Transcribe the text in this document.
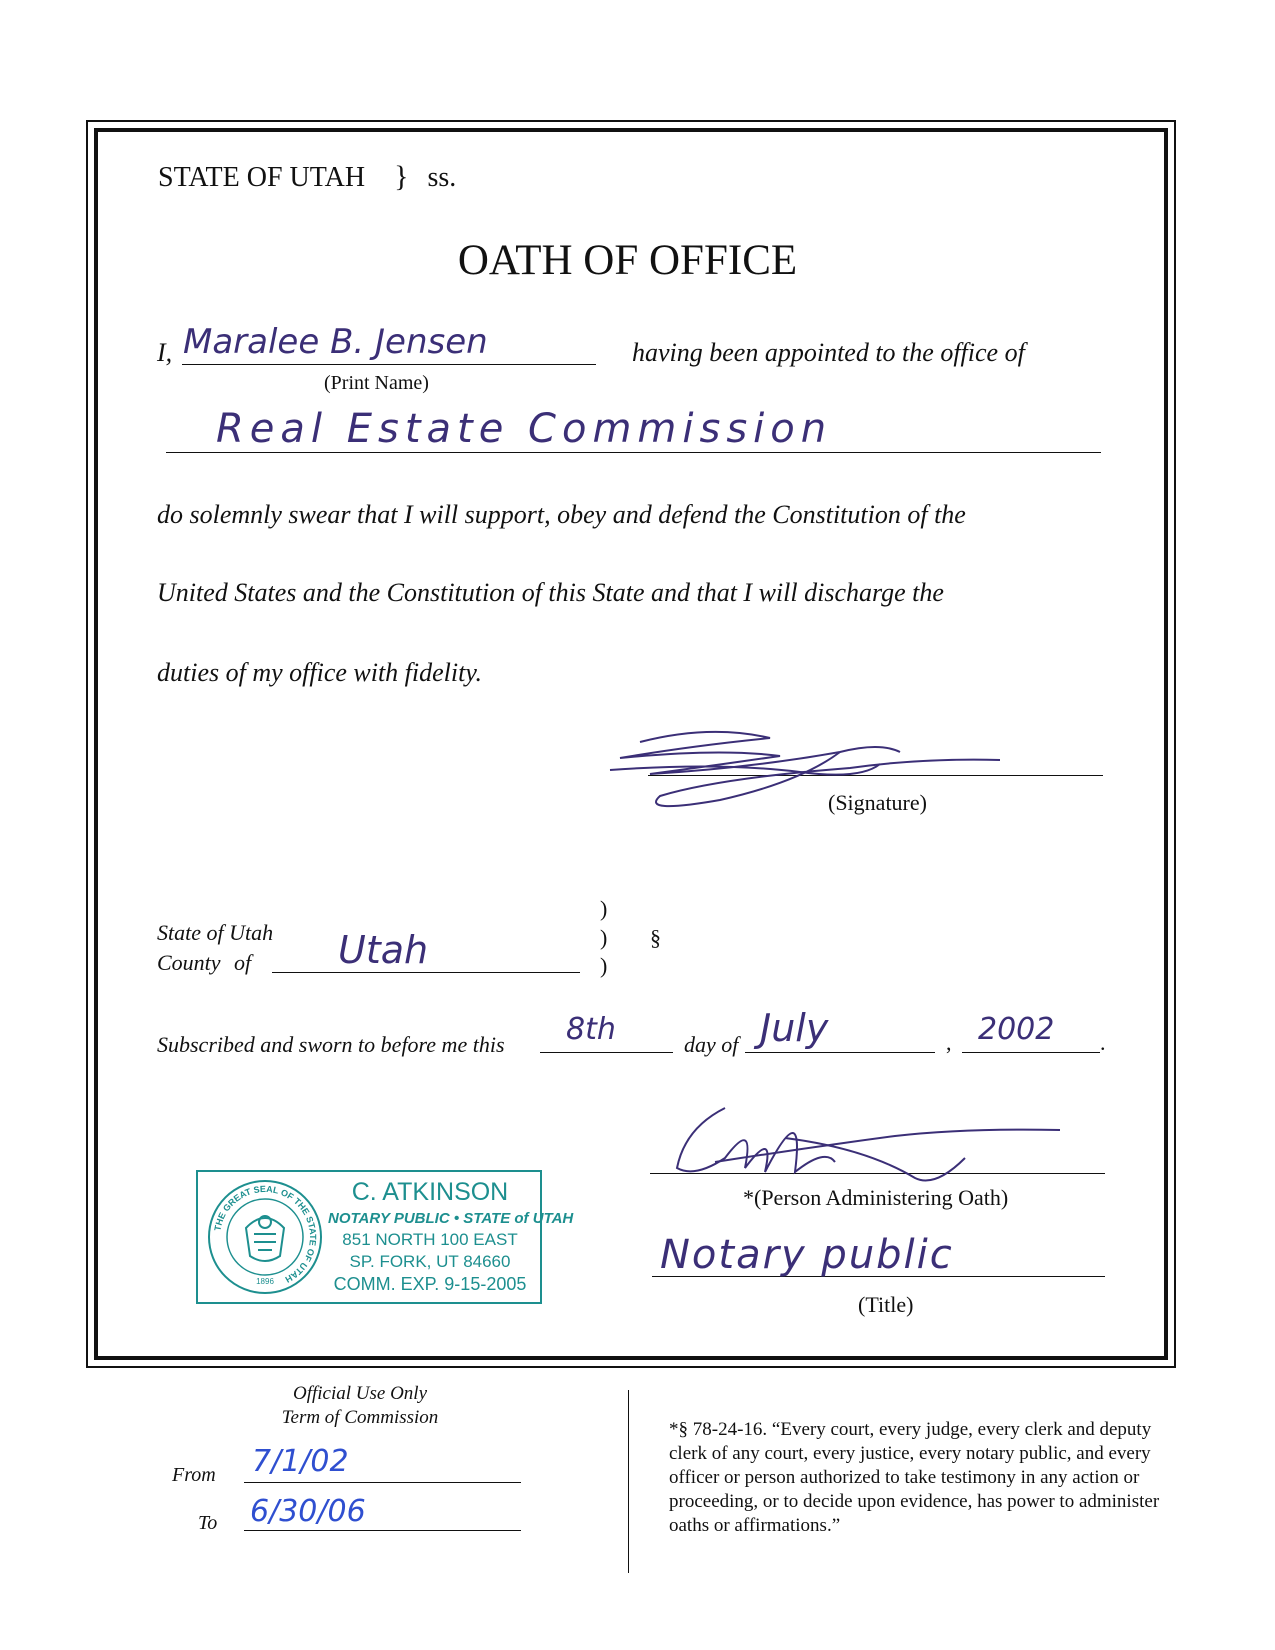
STATE OF UTAH } ss.
OATH OF OFFICE
I, Maralee B. Jensen	having been appointed to the office of
(Print Name)
Real Estate Commission
do solemnly swear that I will support, obey and defend the Constitution of the
United States and the Constitution of this State and that I will discharge the
duties of my office with fidelity.
(Signature)
State of Utah
County of Utah
)
)
)
§
Subscribed and sworn to before me this 8th	day of July	, 2002 .
*(Person Administering Oath)
Notary public
(Title)
THE GREAT SEAL OF THE STATE OF UTAH
1896
C. ATKINSON
NOTARY PUBLIC • STATE of UTAH
851 NORTH 100 EAST
SP. FORK, UT 84660
COMM. EXP. 9-15-2005
Official Use Only
Term of Commission
From 7/1/02
To 6/30/06
*§ 78-24-16. “Every court, every judge, every clerk and deputy clerk of any court, every justice, every notary public, and every officer or person authorized to take testimony in any action or proceeding, or to decide upon evidence, has power to administer oaths or affirmations.”
